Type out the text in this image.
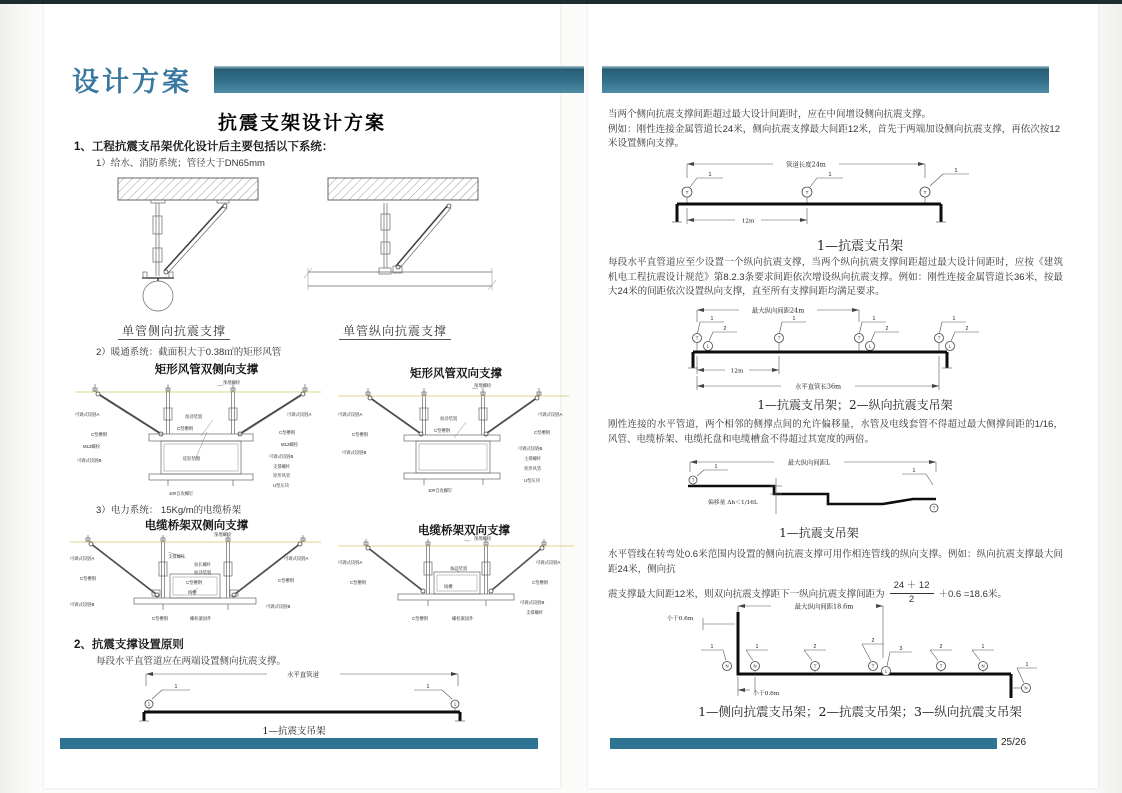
设计方案
抗震支架设计方案
1、工程抗震支吊架优化设计后主要包括以下系统：
1）给水、消防系统；管径大于DN65mm
单管侧向抗震支撑	单管纵向抗震支撑
2）暖通系统：截面积大于0.38㎡的矩形风管
矩形风管双侧向支撑	矩形风管双向支撑
可调式铰链A
C型槽钢
M12螺栓
可调式铰链B
预埋螺栓
加劲装置
C型槽钢
硅胶垫圈
可调式铰链A
C型槽钢
M12螺栓
可调式铰链B
支撑螺杆
矩形风管
U型压块
10#自攻螺钉
预埋螺栓
可调式铰链A
C型槽钢
可调式铰链B
加劲装置
C型槽钢
可调式铰链A
C型槽钢
可调式铰链B
主撑螺杆
矩形风管
U型压块
10#自攻螺钉
3）电力系统： 15Kg/m的电缆桥架
电缆桥架双侧向支撑	电缆桥架双向支撑
预埋螺栓
可调式铰链A
C型槽钢
可调式铰链B
支撑螺杆
加长螺杆
加劲装置
C型槽钢
线槽
可调式铰链A
C型槽钢
可调式铰链B
C型槽钢	螺栓紧固件
预埋螺栓
可调式铰链A
C型槽钢
加劲装置
线槽
可调式铰链A
C型槽钢
可调式铰链B
支撑螺杆
C型槽钢	螺栓紧固件
2、抗震支撑设置原则
每段水平直管道应在两端设置侧向抗震支撑。
水平直管道
1	1
1	1
1—抗震支吊架
当两个侧向抗震支撑间距超过最大设计间距时，应在中间增设侧向抗震支撑。
例如：刚性连接金属管道长24米，侧向抗震支撑最大间距12米，首先于两端加设侧向抗震支撑，再依次按12米设置侧向支撑。
管道长度24m
1	1
1
T	T	T
12m
1—抗震支吊架
每段水平直管道应至少设置一个纵向抗震支撑，当两个纵向抗震支撑间距超过最大设计间距时，应按《建筑机电工程抗震设计规范》第8.2.3条要求间距依次增设纵向抗震支撑。例如：刚性连接金属管道长36米，按最大24米的间距依次设置纵向支撑，直至所有支撑间距均满足要求。
最大纵向间距24m
1
2
T
L
1
T
1
2
T
L
1
2
T
L
12m
水平直管长36m
1—抗震支吊架；2—纵向抗震支吊架
刚性连接的水平管道，两个相邻的侧撑点间的允许偏移量，水管及电线套管不得超过最大侧撑间距的1/16，风管、电缆桥架、电缆托盘和电缆槽盒不得超过其宽度的两倍。
最大纵向间距L
1
T
1
T
偏移量 Δh＜1/16L
1—抗震支吊架
水平管线在转弯处0.6米范围内设置的侧向抗震支撑可用作相连管线的纵向支撑。例如：纵向抗震支撑最大间距24米，侧向抗
震支撑最大间距12米，则双向抗震支撑距下一纵向抗震支撑间距为 $\frac{24 + 12}{2} +0.6 =18.6$米。
最大纵向间距18.6m
小于0.6m
1
N
1
N
2
T
2
T
3
L
2
T
1
N	1
N
小于0.6m
1—侧向抗震支吊架；2—抗震支吊架；3—纵向抗震支吊架
25/26
